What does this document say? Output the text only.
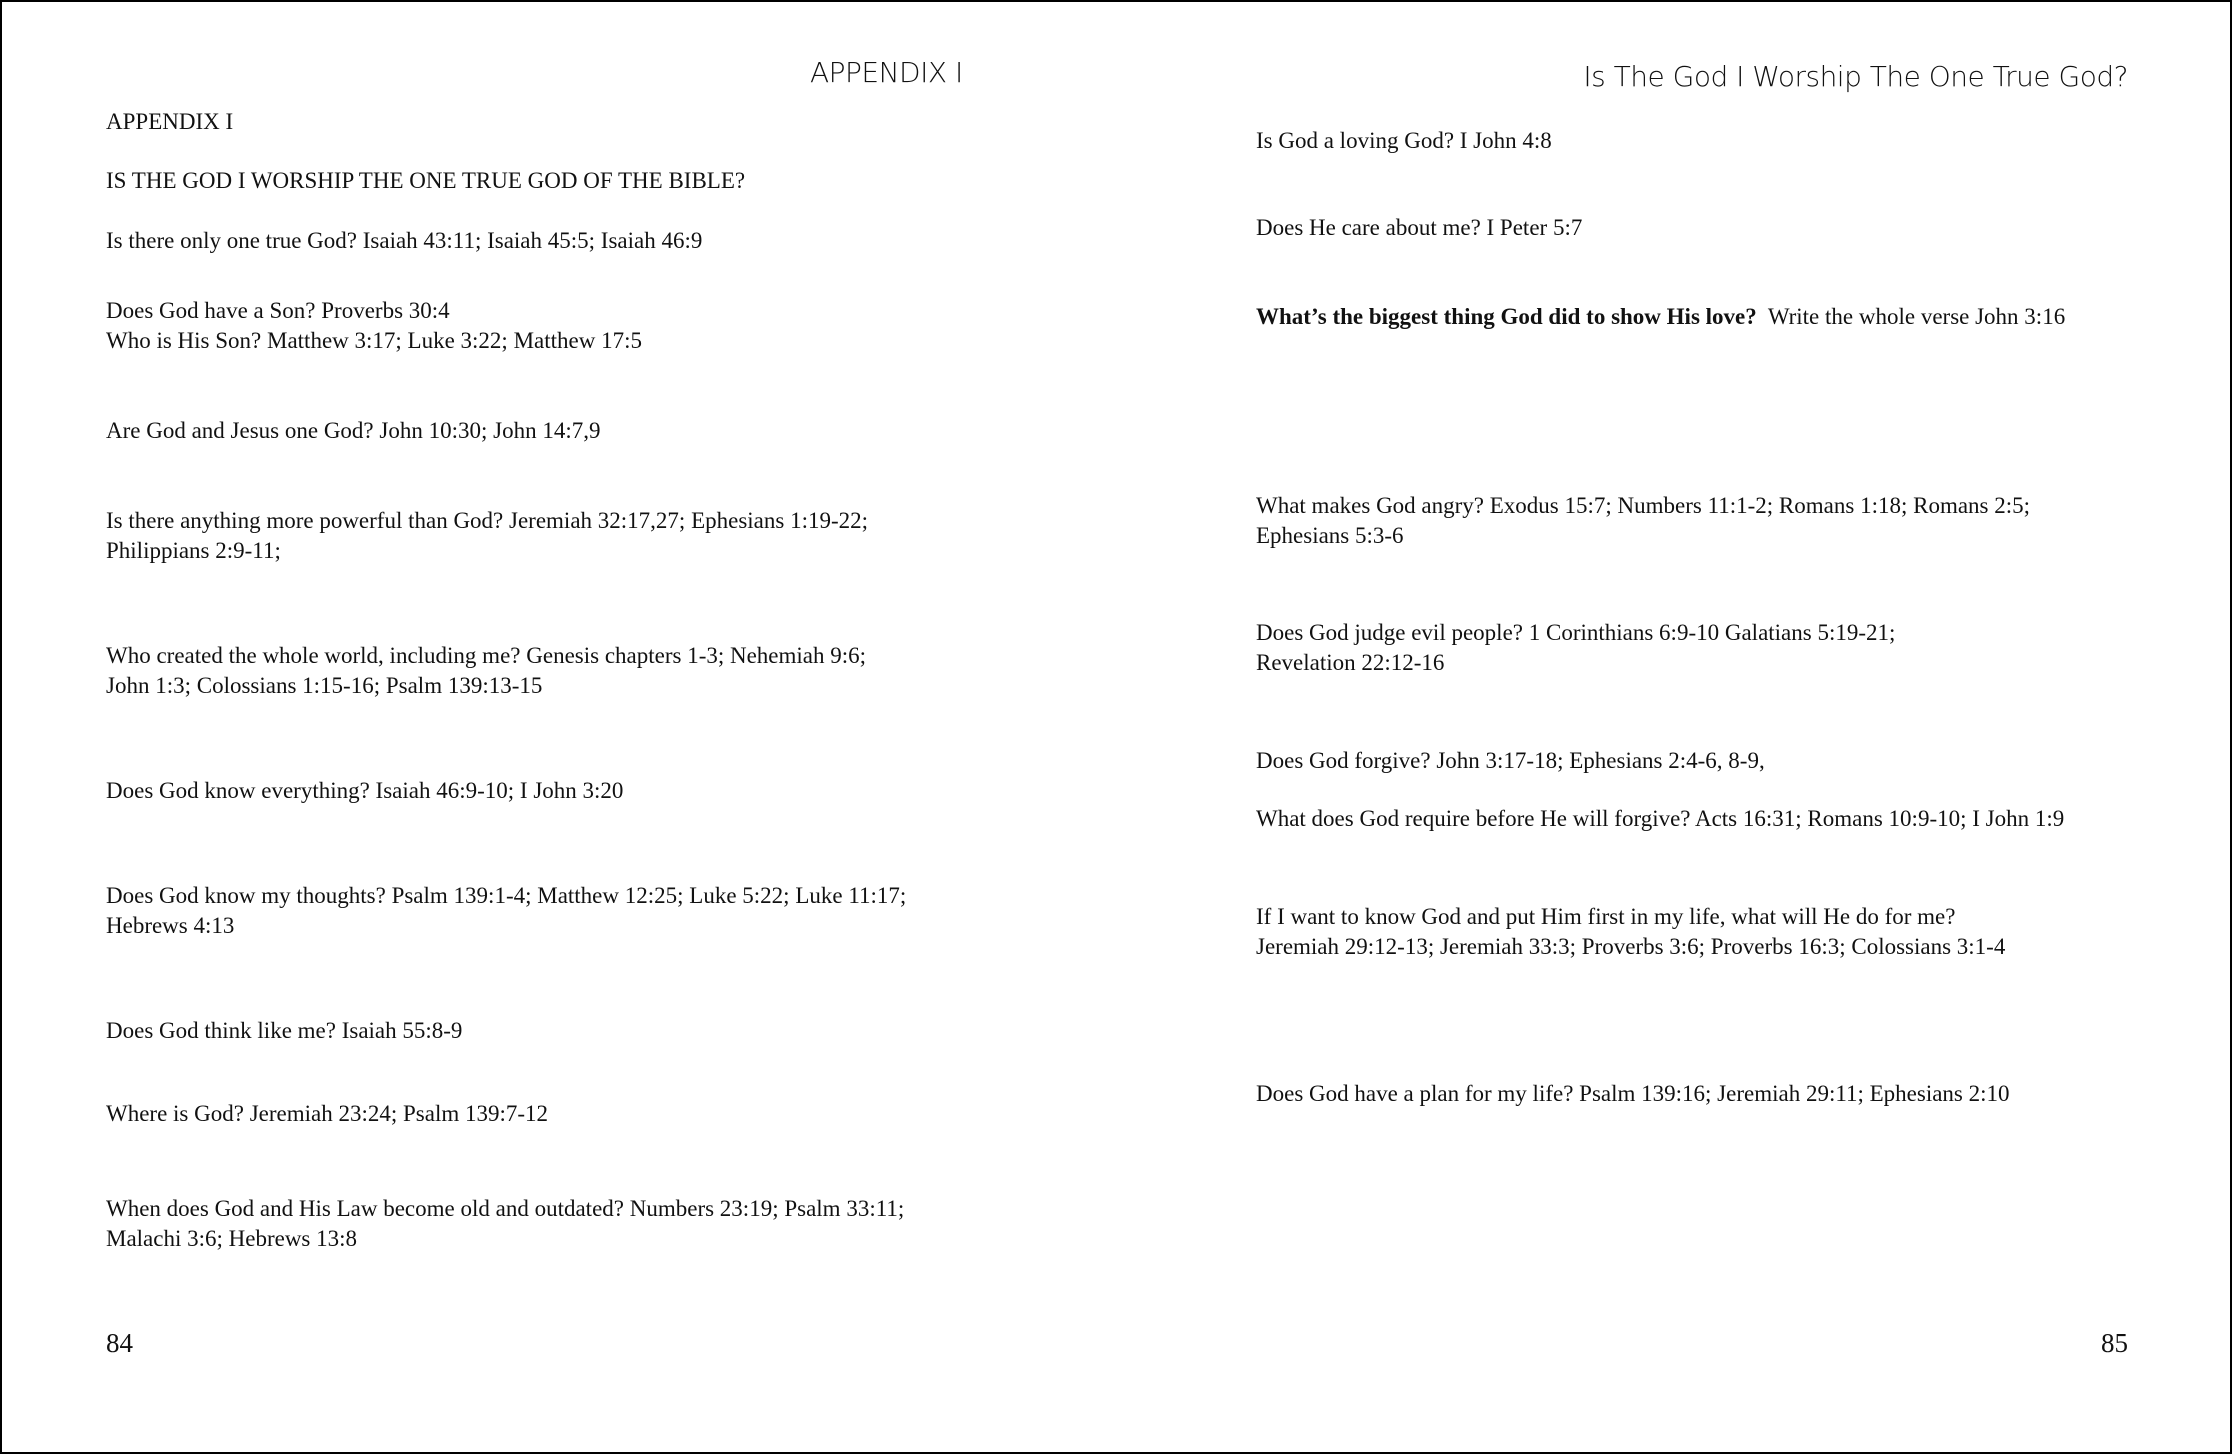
APPENDIX I
APPENDIX I
IS THE GOD I WORSHIP THE ONE TRUE GOD OF THE BIBLE?
Is there only one true God? Isaiah 43:11; Isaiah 45:5; Isaiah 46:9
Does God have a Son? Proverbs 30:4
Who is His Son? Matthew 3:17; Luke 3:22; Matthew 17:5
Are God and Jesus one God? John 10:30; John 14:7,9
Is there anything more powerful than God? Jeremiah 32:17,27; Ephesians 1:19-22;
Philippians 2:9-11;
Who created the whole world, including me? Genesis chapters 1-3; Nehemiah 9:6;
John 1:3; Colossians 1:15-16; Psalm 139:13-15
Does God know everything? Isaiah 46:9-10; I John 3:20
Does God know my thoughts? Psalm 139:1-4; Matthew 12:25; Luke 5:22; Luke 11:17;
Hebrews 4:13
Does God think like me? Isaiah 55:8-9
Where is God? Jeremiah 23:24; Psalm 139:7-12
When does God and His Law become old and outdated? Numbers 23:19; Psalm 33:11;
Malachi 3:6; Hebrews 13:8
84
Is The God I Worship The One True God?
Is God a loving God? I John 4:8
Does He care about me? I Peter 5:7
What’s the biggest thing God did to show His love?  Write the whole verse John 3:16
What makes God angry? Exodus 15:7; Numbers 11:1-2; Romans 1:18; Romans 2:5;
Ephesians 5:3-6
Does God judge evil people? 1 Corinthians 6:9-10 Galatians 5:19-21;
Revelation 22:12-16
Does God forgive? John 3:17-18; Ephesians 2:4-6, 8-9,
What does God require before He will forgive? Acts 16:31; Romans 10:9-10; I John 1:9
If I want to know God and put Him first in my life, what will He do for me?
Jeremiah 29:12-13; Jeremiah 33:3; Proverbs 3:6; Proverbs 16:3; Colossians 3:1-4
Does God have a plan for my life? Psalm 139:16; Jeremiah 29:11; Ephesians 2:10
85
